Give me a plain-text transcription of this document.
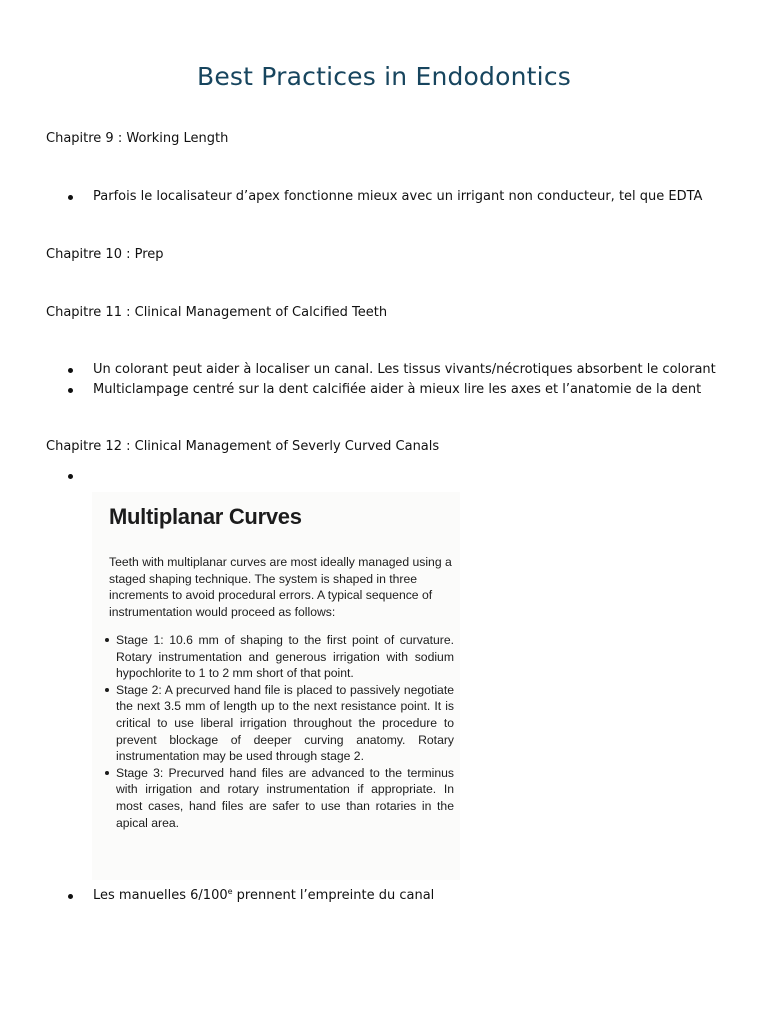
Best Practices in Endodontics
Chapitre 9 : Working Length
Parfois le localisateur d’apex fonctionne mieux avec un irrigant non conducteur, tel que EDTA
Chapitre 10 : Prep
Chapitre 11 : Clinical Management of Calcified Teeth
Un colorant peut aider à localiser un canal. Les tissus vivants/nécrotiques absorbent le colorant
Multiclampage centré sur la dent calcifiée aider à mieux lire les axes et l’anatomie de la dent
Chapitre 12 : Clinical Management of Severly Curved Canals
Multiplanar Curves

Teeth with multiplanar curves are most ideally managed using a staged shaping technique. The system is shaped in three increments to avoid procedural errors. A typical sequence of instrumentation would proceed as follows:

Stage 1: 10.6 mm of shaping to the first point of curvature. Rotary instrumentation and generous irrigation with sodium hypochlorite to 1 to 2 mm short of that point.
Stage 2: A precurved hand file is placed to passively negotiate the next 3.5 mm of length up to the next resistance point. It is critical to use liberal irrigation throughout the procedure to prevent blockage of deeper curving anatomy. Rotary instrumentation may be used through stage 2.
Stage 3: Precurved hand files are advanced to the terminus with irrigation and rotary instrumentation if appropriate. In most cases, hand files are safer to use than rotaries in the apical area.
Les manuelles 6/100e prennent l’empreinte du canal
